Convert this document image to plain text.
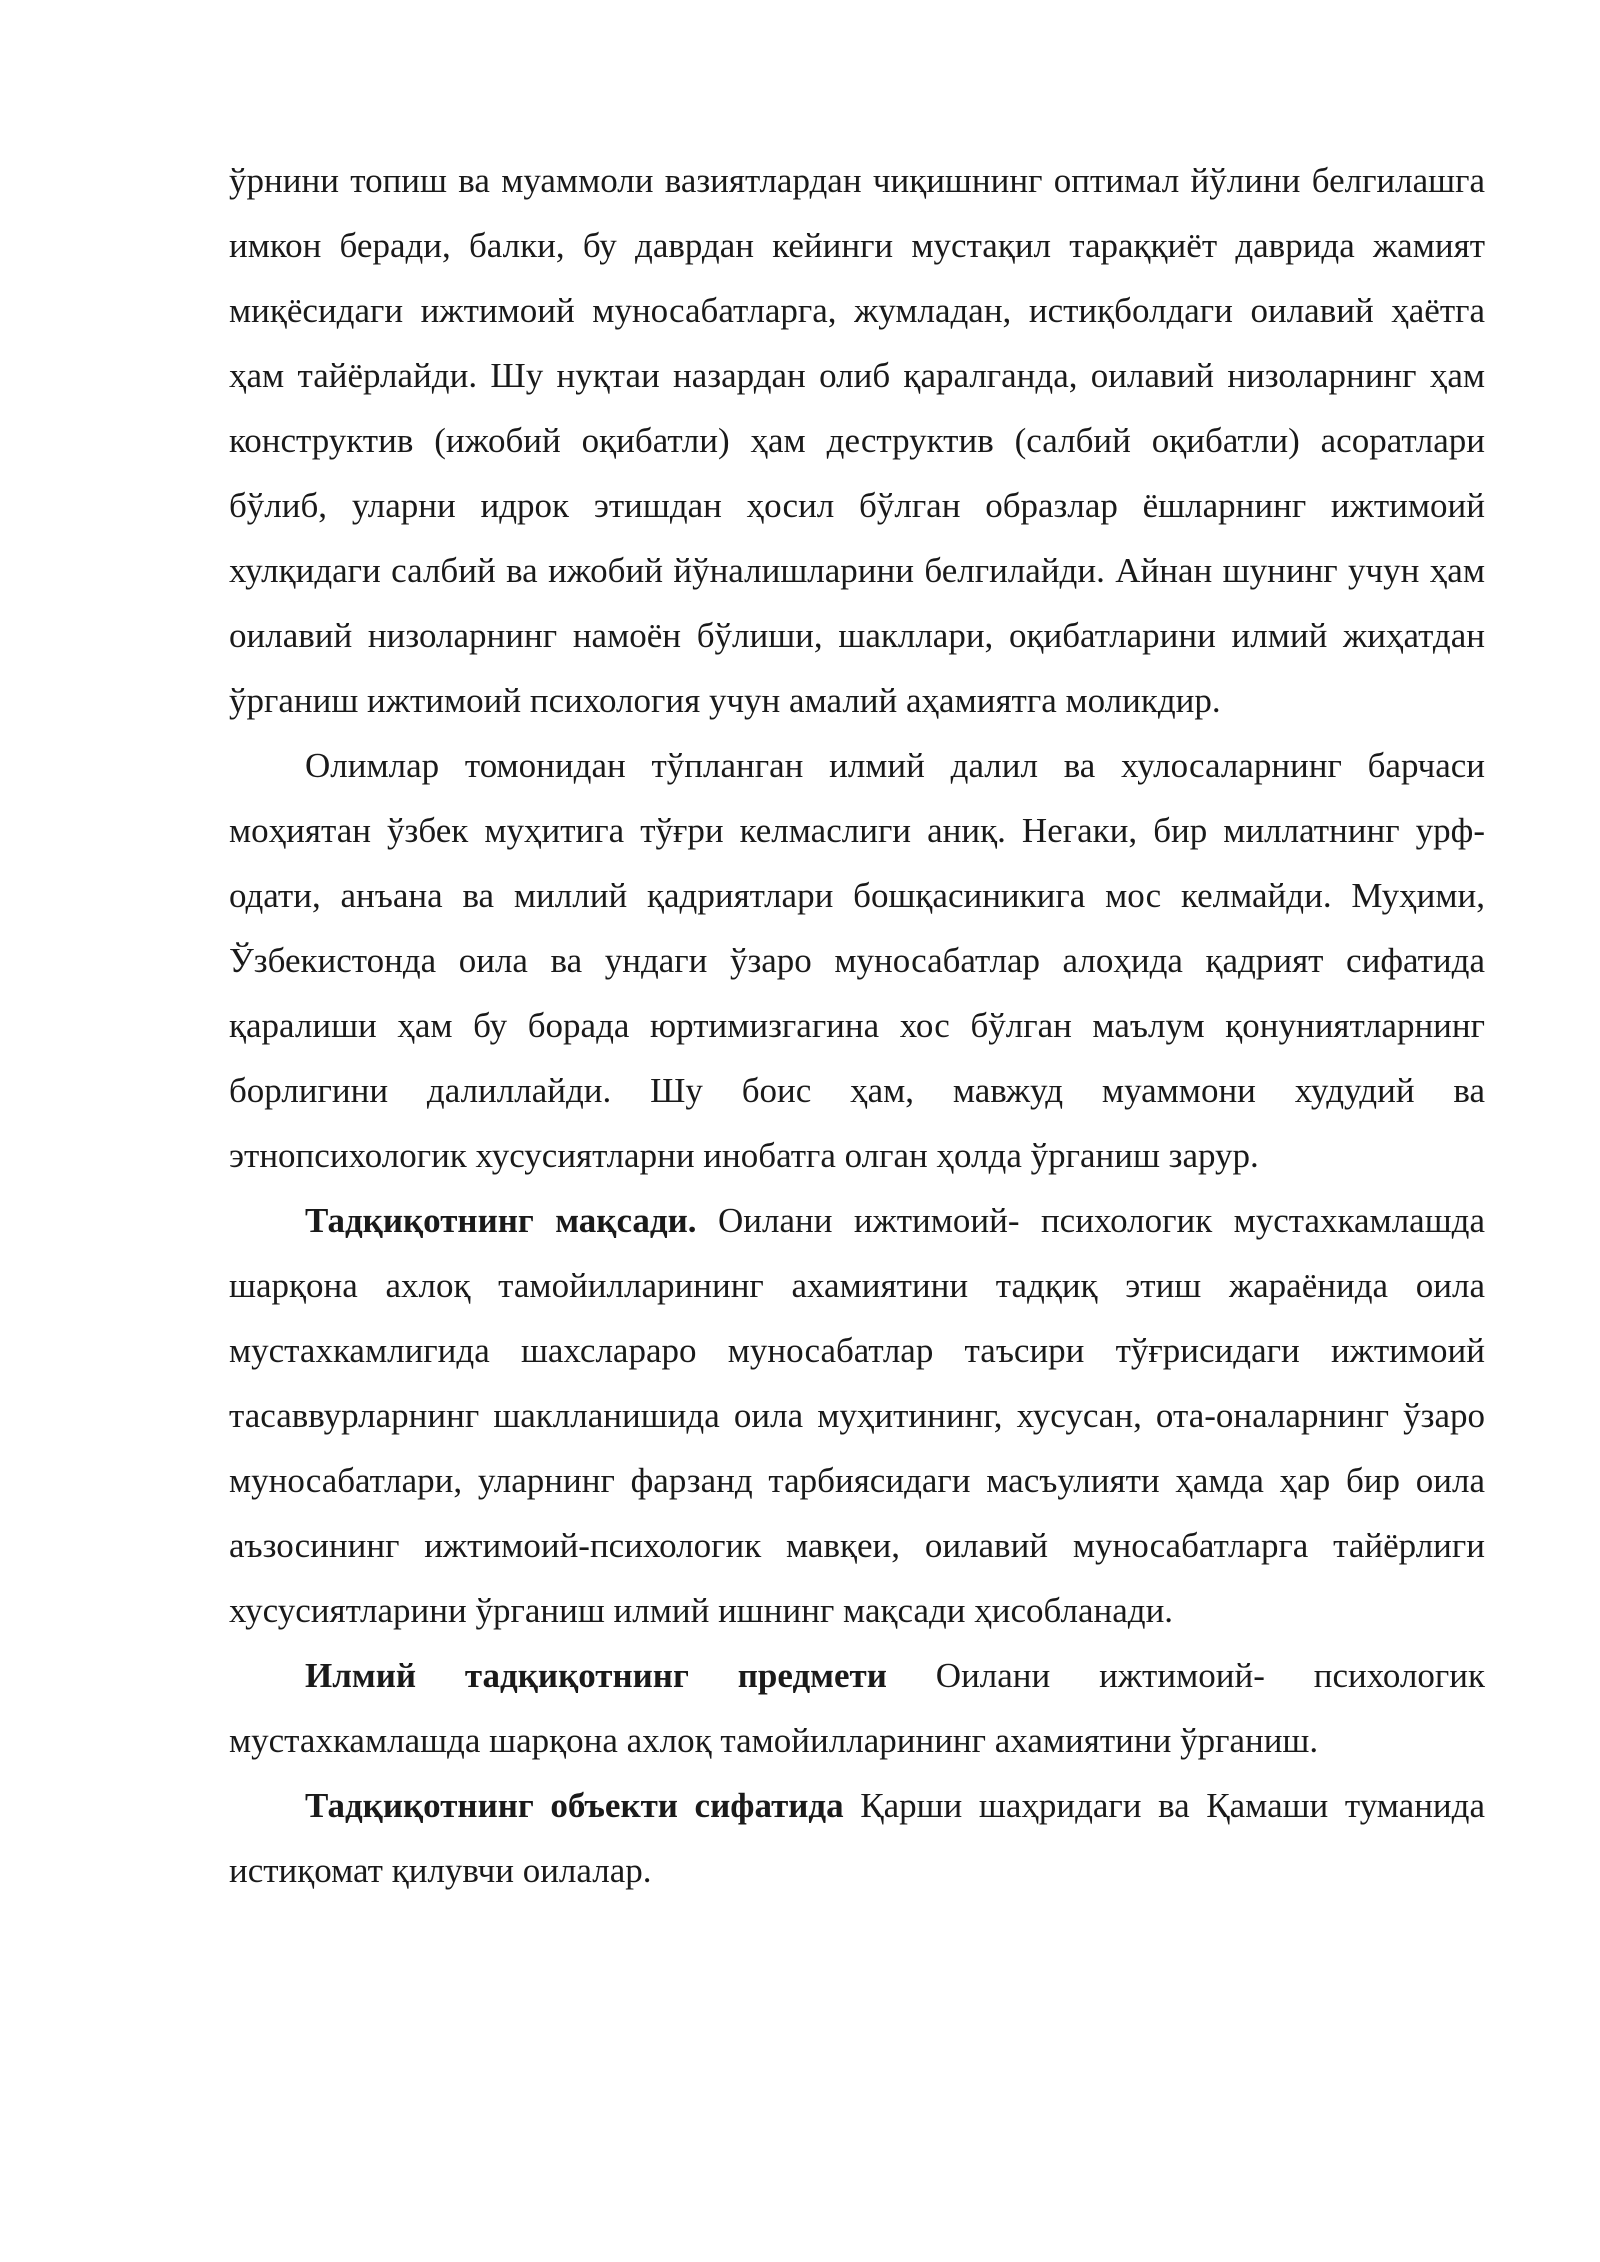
ўрнини топиш ва муаммоли вазиятлардан чиқишнинг оптимал йўлини белгилашга имкон беради, балки, бу даврдан кейинги мустақил тараққиёт даврида жамият миқёсидаги ижтимоий муносабатларга, жумладан, истиқболдаги оилавий ҳаётга ҳам тайёрлайди. Шу нуқтаи назардан олиб қаралганда, оилавий низоларнинг ҳам конструктив (ижобий оқибатли) ҳам деструктив (салбий оқибатли) асоратлари бўлиб, уларни идрок этишдан ҳосил бўлган образлар ёшларнинг ижтимоий хулқидаги салбий ва ижобий йўналишларини белгилайди. Айнан шунинг учун ҳам оилавий низоларнинг намоён бўлиши, шакллари, оқибатларини илмий жиҳатдан ўрганиш ижтимоий психология учун амалий аҳамиятга моликдир.

Олимлар томонидан тўпланган илмий далил ва хулосаларнинг барчаси моҳиятан ўзбек муҳитига тўғри келмаслиги аниқ. Негаки, бир миллатнинг урф-одати, анъана ва миллий қадриятлари бошқасиникига мос келмайди. Муҳими, Ўзбекистонда оила ва ундаги ўзаро муносабатлар алоҳида қадрият сифатида қаралиши ҳам бу борада юртимизгагина хос бўлган маълум қонуниятларнинг борлигини далиллайди. Шу боис ҳам, мавжуд муаммони худудий ва этнопсихологик хусусиятларни инобатга олган ҳолда ўрганиш зарур.

Тадқиқотнинг мақсади. Оилани ижтимоий- психологик мустахкамлашда шарқона ахлоқ тамойилларининг ахамиятини тадқиқ этиш жараёнида оила мустахкамлигида шахслараро муносабатлар таъсири тўғрисидаги ижтимоий тасаввурларнинг шаклланишида оила муҳитининг, хусусан, ота-оналарнинг ўзаро муносабатлари, уларнинг фарзанд тарбиясидаги масъулияти ҳамда ҳар бир оила аъзосининг ижтимоий-психологик мавқеи, оилавий муносабатларга тайёрлиги хусусиятларини ўрганиш илмий ишнинг мақсади ҳисобланади.

Илмий тадқиқотнинг предмети Оилани ижтимоий- психологик мустахкамлашда шарқона ахлоқ тамойилларининг ахамиятини ўрганиш.

Тадқиқотнинг объекти сифатида Қарши шаҳридаги ва Қамаши туманида истиқомат қилувчи оилалар.
